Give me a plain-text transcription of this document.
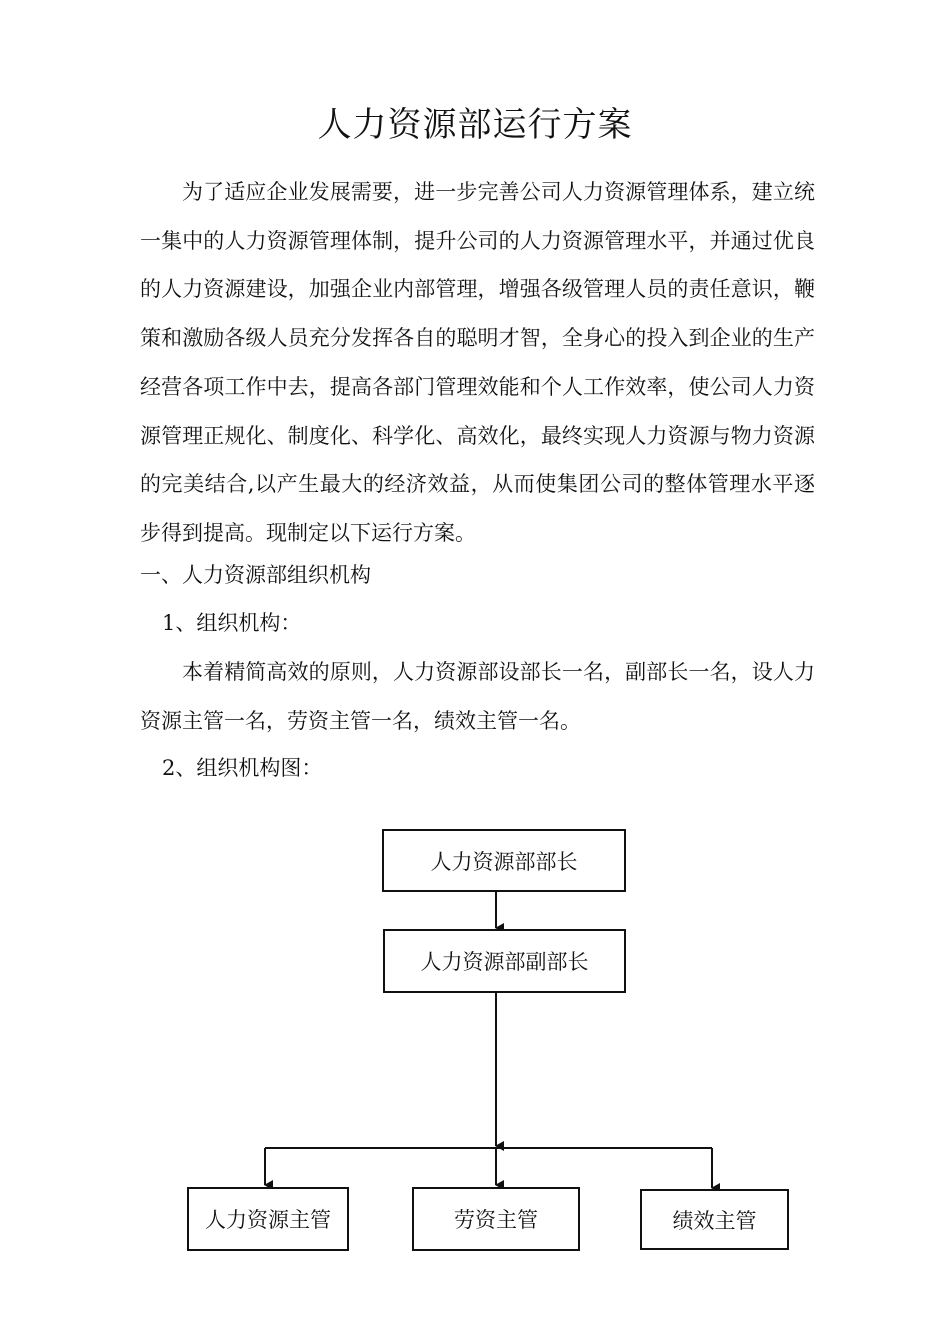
人力资源部运行方案

为了适应企业发展需要，进一步完善公司人力资源管理体系，建立统一集中的人力资源管理体制，提升公司的人力资源管理水平，并通过优良的人力资源建设，加强企业内部管理，增强各级管理人员的责任意识，鞭策和激励各级人员充分发挥各自的聪明才智，全身心的投入到企业的生产经营各项工作中去，提高各部门管理效能和个人工作效率，使公司人力资源管理正规化、制度化、科学化、高效化，最终实现人力资源与物力资源的完美结合,以产生最大的经济效益，从而使集团公司的整体管理水平逐步得到提高。现制定以下运行方案。

一、人力资源部组织机构
1、组织机构：

本着精简高效的原则，人力资源部设部长一名，副部长一名，设人力资源主管一名，劳资主管一名，绩效主管一名。

2、组织机构图：
人力资源部部长
人力资源部副部长
人力资源主管	劳资主管	绩效主管
